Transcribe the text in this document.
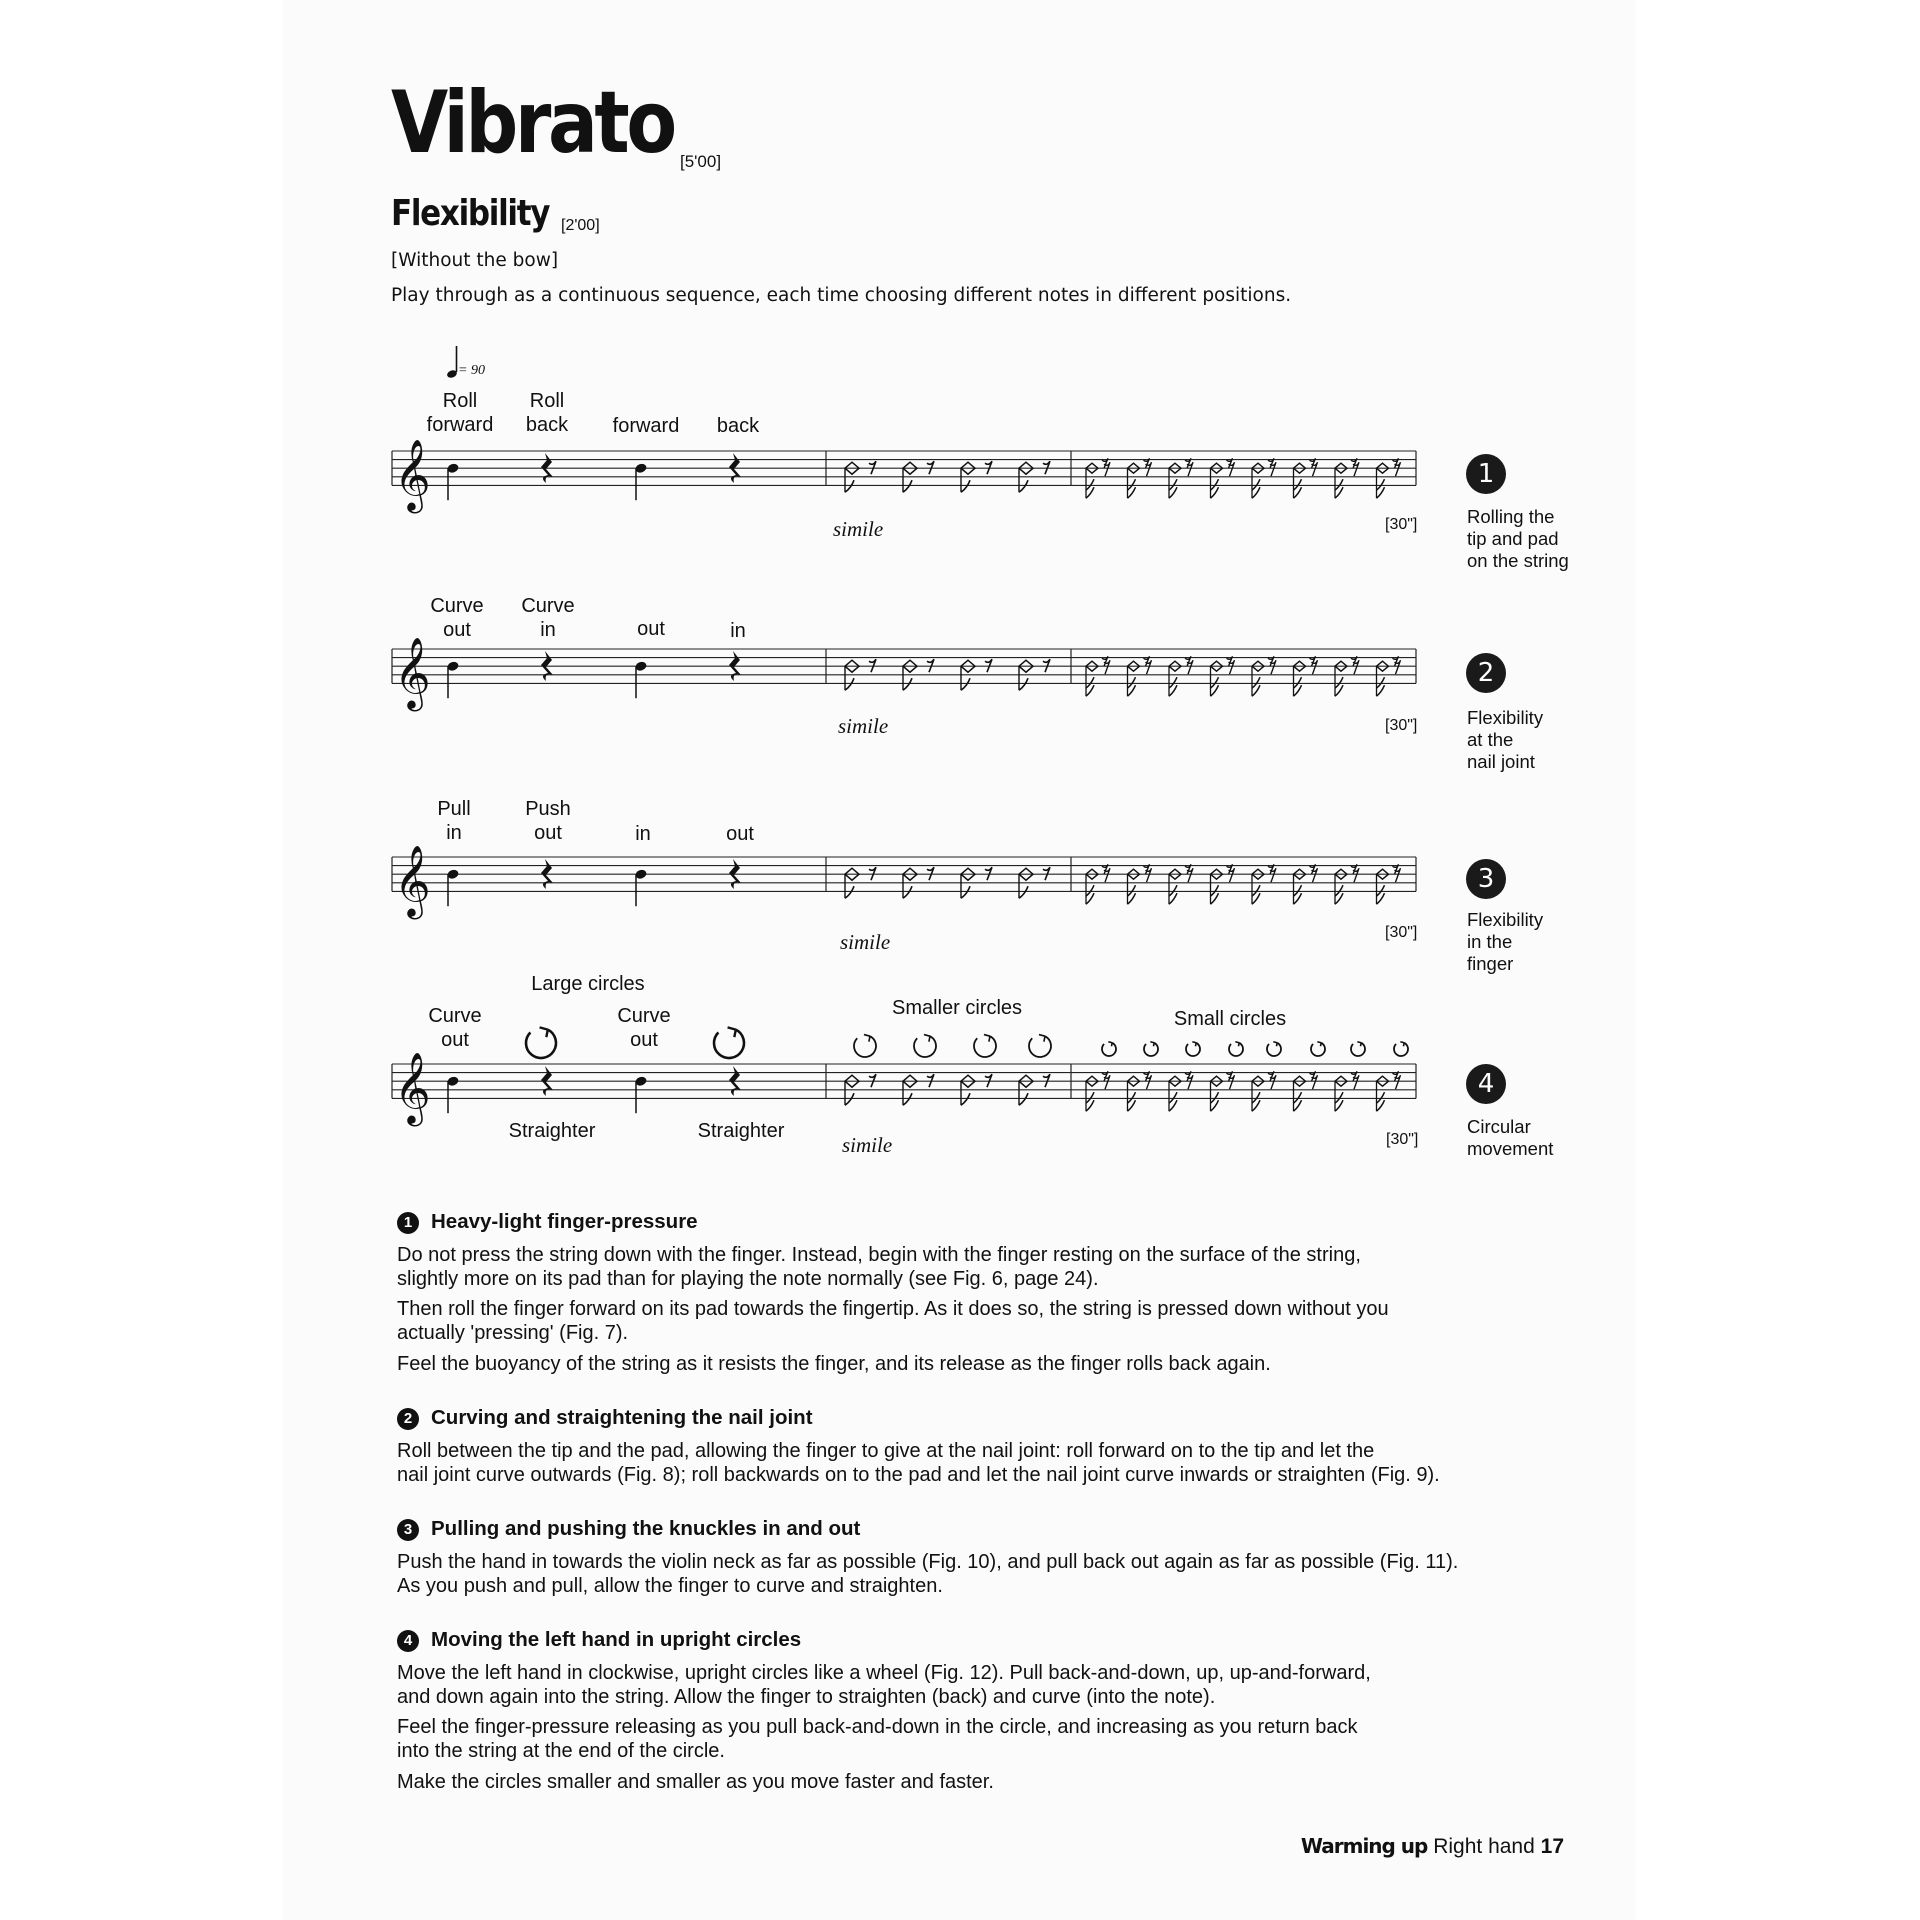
Vibrato [5'00]
Flexibility [2'00]
[Without the bow]
Play through as a continuous sequence, each time choosing different notes in different positions.
= 90
Roll
forward
Roll
back forward back
Curve
out
Curve
in	out	in
Pull
in
Push
out	in	out
Large circles
Curve
out
Curve
out
Smaller circles	Small circles
Straighter	Straighter
𝄞
𝄞
𝄞
𝄞
simile
simile
simile
simile
[30"]
[30"]
[30"]
[30"]
1
Rolling the
tip and pad
on the string
2
Flexibility
at the
nail joint
3
Flexibility
in the
finger
4
Circular
movement
1 Heavy-light finger-pressure
Do not press the string down with the finger. Instead, begin with the finger resting on the surface of the string,
slightly more on its pad than for playing the note normally (see Fig. 6, page 24).
Then roll the finger forward on its pad towards the fingertip. As it does so, the string is pressed down without you
actually 'pressing' (Fig. 7).
Feel the buoyancy of the string as it resists the finger, and its release as the finger rolls back again.
2 Curving and straightening the nail joint
Roll between the tip and the pad, allowing the finger to give at the nail joint: roll forward on to the tip and let the
nail joint curve outwards (Fig. 8); roll backwards on to the pad and let the nail joint curve inwards or straighten (Fig. 9).
3 Pulling and pushing the knuckles in and out
Push the hand in towards the violin neck as far as possible (Fig. 10), and pull back out again as far as possible (Fig. 11).
As you push and pull, allow the finger to curve and straighten.
4 Moving the left hand in upright circles
Move the left hand in clockwise, upright circles like a wheel (Fig. 12). Pull back-and-down, up, up-and-forward,
and down again into the string. Allow the finger to straighten (back) and curve (into the note).
Feel the finger-pressure releasing as you pull back-and-down in the circle, and increasing as you return back
into the string at the end of the circle.
Make the circles smaller and smaller as you move faster and faster.
Warming up Right hand 17
